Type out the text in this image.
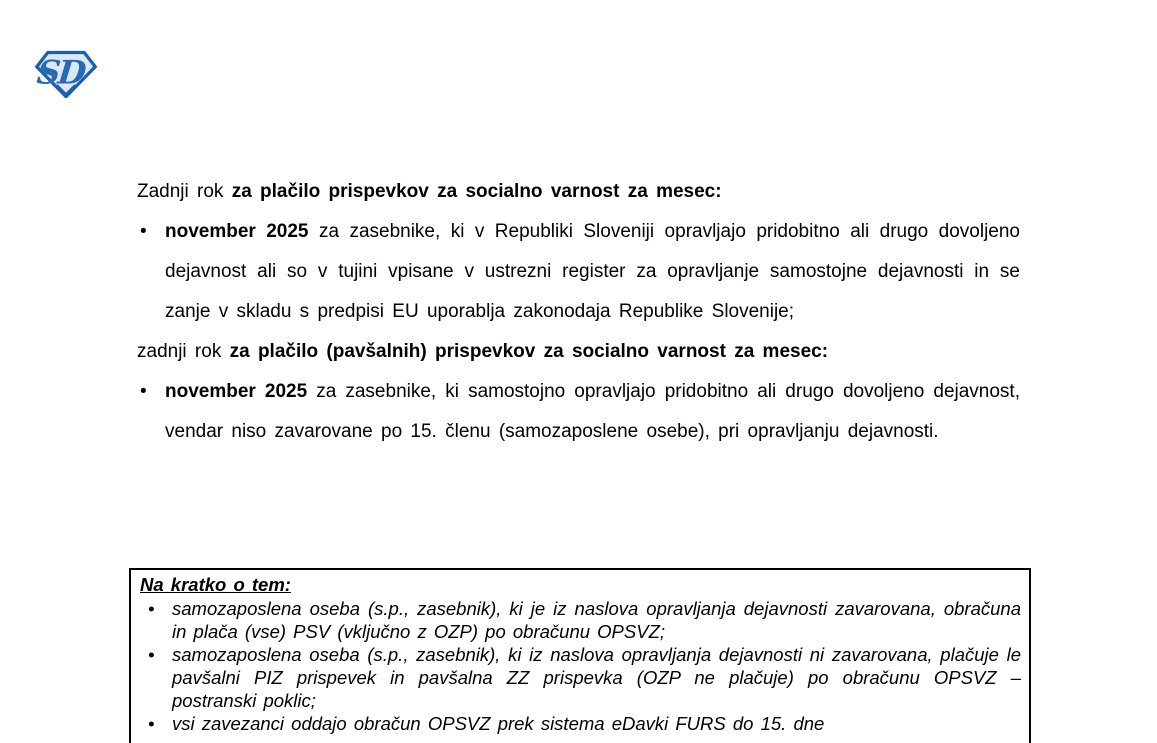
SD
Zadnji rok za plačilo prispevkov za socialno varnost za mesec:
• november 2025 za zasebnike, ki v Republiki Sloveniji opravljajo pridobitno ali drugo dovoljeno dejavnost ali so v tujini vpisane v ustrezni register za opravljanje samostojne dejavnosti in se zanje v skladu s predpisi EU uporablja zakonodaja Republike Slovenije;
zadnji rok za plačilo (pavšalnih) prispevkov za socialno varnost za mesec:
• november 2025 za zasebnike, ki samostojno opravljajo pridobitno ali drugo dovoljeno dejavnost, vendar niso zavarovane po 15. členu (samozaposlene osebe), pri opravljanju dejavnosti.
Na kratko o tem:
• samozaposlena oseba (s.p., zasebnik), ki je iz naslova opravljanja dejavnosti zavarovana, obračuna in plača (vse) PSV (vključno z OZP) po obračunu OPSVZ;
• samozaposlena oseba (s.p., zasebnik), ki iz naslova opravljanja dejavnosti ni zavarovana, plačuje le pavšalni PIZ prispevek in pavšalna ZZ prispevka (OZP ne plačuje) po obračunu OPSVZ – postranski poklic;
• vsi zavezanci oddajo obračun OPSVZ prek sistema eDavki FURS do 15. dne
